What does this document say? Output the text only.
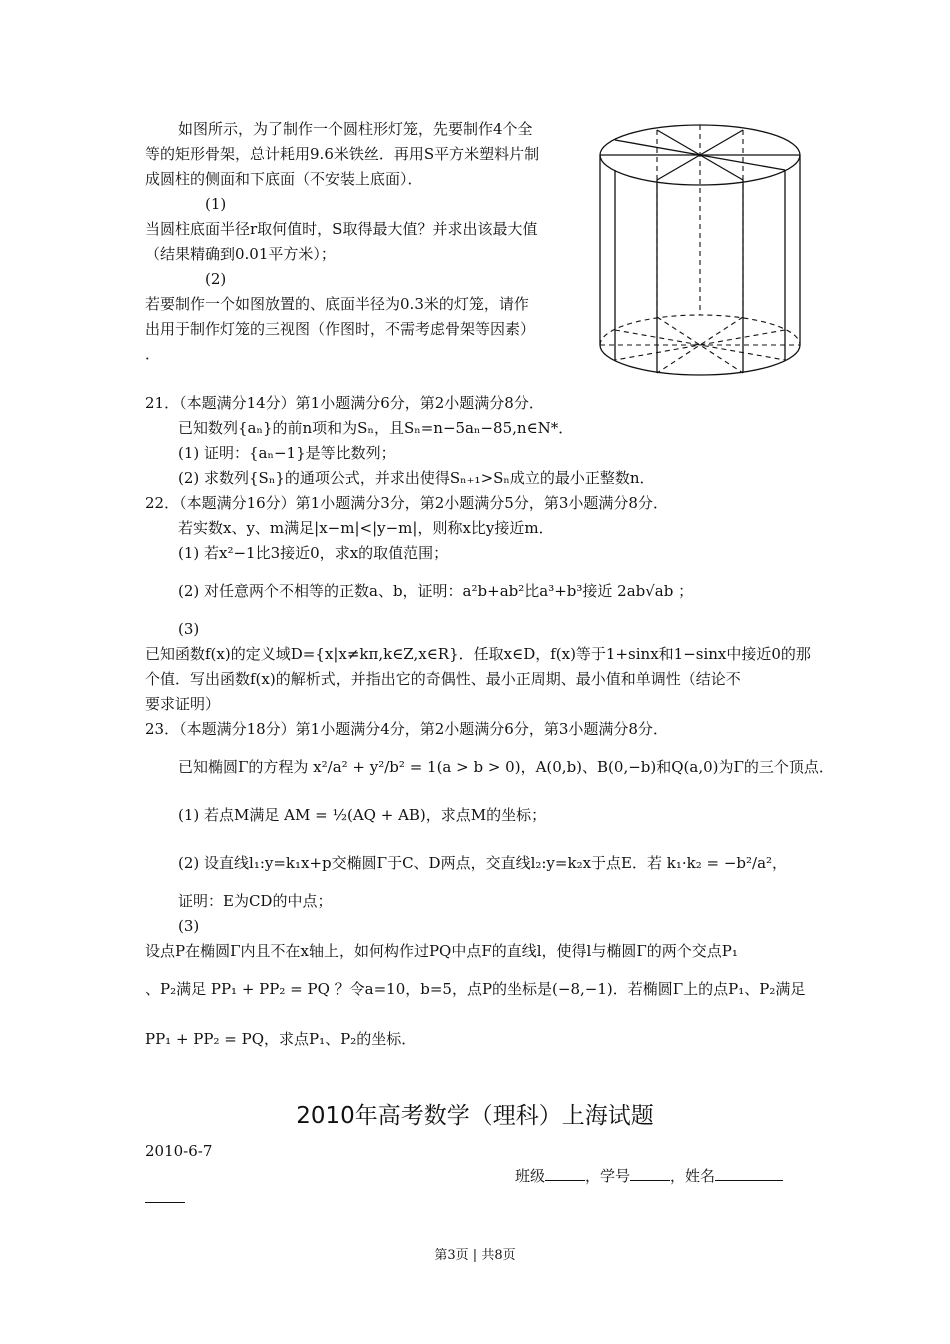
如图所示，为了制作一个圆柱形灯笼，先要制作4个全
等的矩形骨架，总计耗用9.6米铁丝．再用S平方米塑料片制
成圆柱的侧面和下底面（不安装上底面）．
(1)
当圆柱底面半径r取何值时，S取得最大值？并求出该最大值
（结果精确到0.01平方米）；
(2)
若要制作一个如图放置的、底面半径为0.3米的灯笼，请作
出用于制作灯笼的三视图（作图时，不需考虑骨架等因素）
．
21．（本题满分14分）第1小题满分6分，第2小题满分8分．
已知数列{aₙ}的前n项和为Sₙ，且Sₙ=n−5aₙ−85,n∈N*．
(1) 证明：{aₙ−1}是等比数列；
(2) 求数列{Sₙ}的通项公式，并求出使得Sₙ₊₁>Sₙ成立的最小正整数n．
22．（本题满分16分）第1小题满分3分，第2小题满分5分，第3小题满分8分．
若实数x、y、m满足|x−m|<|y−m|，则称x比y接近m．
(1) 若x²−1比3接近0，求x的取值范围；
(2) 对任意两个不相等的正数a、b，证明：a²b+ab²比a³+b³接近 2ab√ab ；
(3)
已知函数f(x)的定义域D={x|x≠kπ,k∈Z,x∈R}．任取x∈D，f(x)等于1+sinx和1−sinx中接近0的那
个值．写出函数f(x)的解析式，并指出它的奇偶性、最小正周期、最小值和单调性（结论不
要求证明）
23．（本题满分18分）第1小题满分4分，第2小题满分6分，第3小题满分8分．
已知椭圆Γ的方程为 x²/a² + y²/b² = 1(a > b > 0)，A(0,b)、B(0,−b)和Q(a,0)为Γ的三个顶点．
(1) 若点M满足 AM = ½(AQ + AB)，求点M的坐标；
(2) 设直线l₁:y=k₁x+p交椭圆Γ于C、D两点，交直线l₂:y=k₂x于点E．若 k₁·k₂ = −b²/a²，
证明：E为CD的中点；
(3)
设点P在椭圆Γ内且不在x轴上，如何构作过PQ中点F的直线l，使得l与椭圆Γ的两个交点P₁
、P₂满足 PP₁ + PP₂ = PQ ？令a=10，b=5，点P的坐标是(−8,−1)．若椭圆Γ上的点P₁、P₂满足
PP₁ + PP₂ = PQ，求点P₁、P₂的坐标．
2010年高考数学（理科）上海试题
2010-6-7
班级	，学号	，姓名
第3页 | 共8页
